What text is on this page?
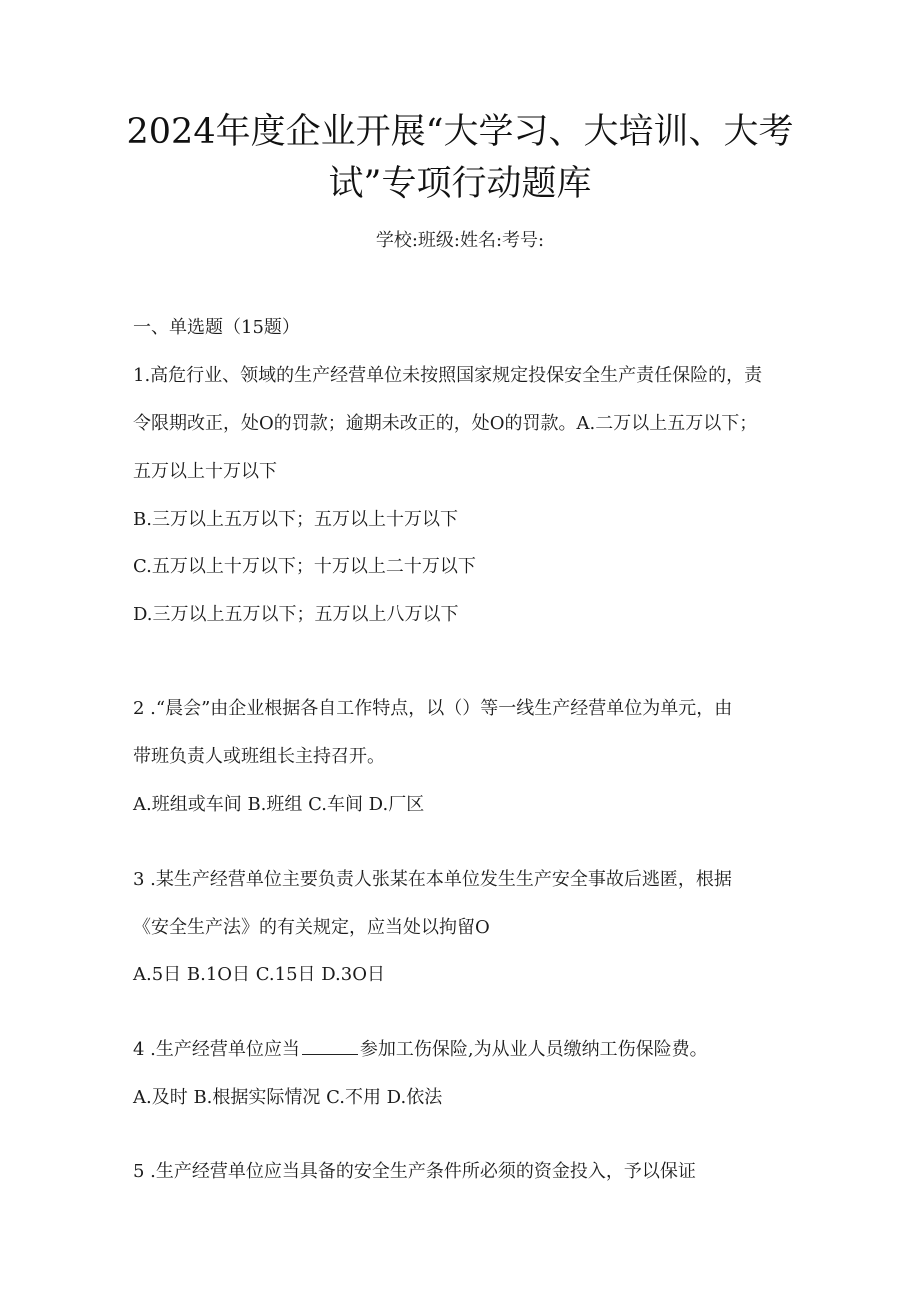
2024年度企业开展“大学习、大培训、大考
试”专项行动题库
学校:班级:姓名:考号:
一、单选题（15题）
1.高危行业、领域的生产经营单位未按照国家规定投保安全生产责任保险的，责
令限期改正，处O的罚款；逾期未改正的，处O的罚款。A.二万以上五万以下；
五万以上十万以下
B.三万以上五万以下；五万以上十万以下
C.五万以上十万以下；十万以上二十万以下
D.三万以上五万以下；五万以上八万以下
2 .“晨会”由企业根据各自工作特点，以（）等一线生产经营单位为单元，由
带班负责人或班组长主持召开。
A.班组或车间 B.班组 C.车间 D.厂区
3 .某生产经营单位主要负责人张某在本单位发生生产安全事故后逃匿，根据
《安全生产法》的有关规定，应当处以拘留O
A.5日 B.1O日 C.15日 D.3O日
4 .生产经营单位应当	参加工伤保险,为从业人员缴纳工伤保险费。
A.及时 B.根据实际情况 C.不用 D.依法
5 .生产经营单位应当具备的安全生产条件所必须的资金投入，予以保证
